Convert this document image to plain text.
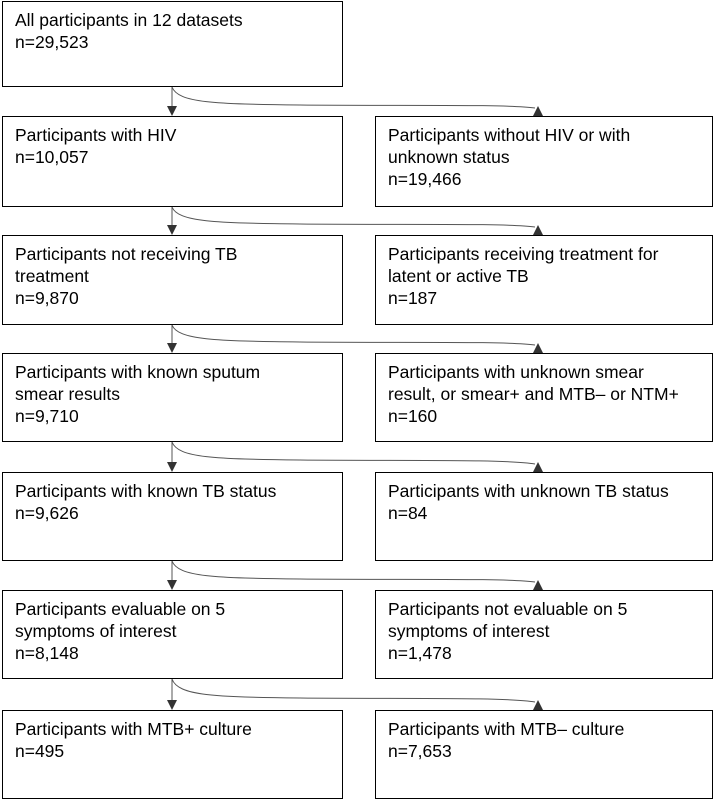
All participants in 12 datasets
n=29,523
Participants with HIV
n=10,057
Participants without HIV or with
unknown status
n=19,466
Participants not receiving TB
treatment
n=9,870
Participants receiving treatment for
latent or active TB
n=187
Participants with known sputum
smear results
n=9,710
Participants with unknown smear
result, or smear+ and MTB– or NTM+
n=160
Participants with known TB status
n=9,626
Participants with unknown TB status
n=84
Participants evaluable on 5
symptoms of interest
n=8,148
Participants not evaluable on 5
symptoms of interest
n=1,478
Participants with MTB+ culture
n=495
Participants with MTB– culture
n=7,653
